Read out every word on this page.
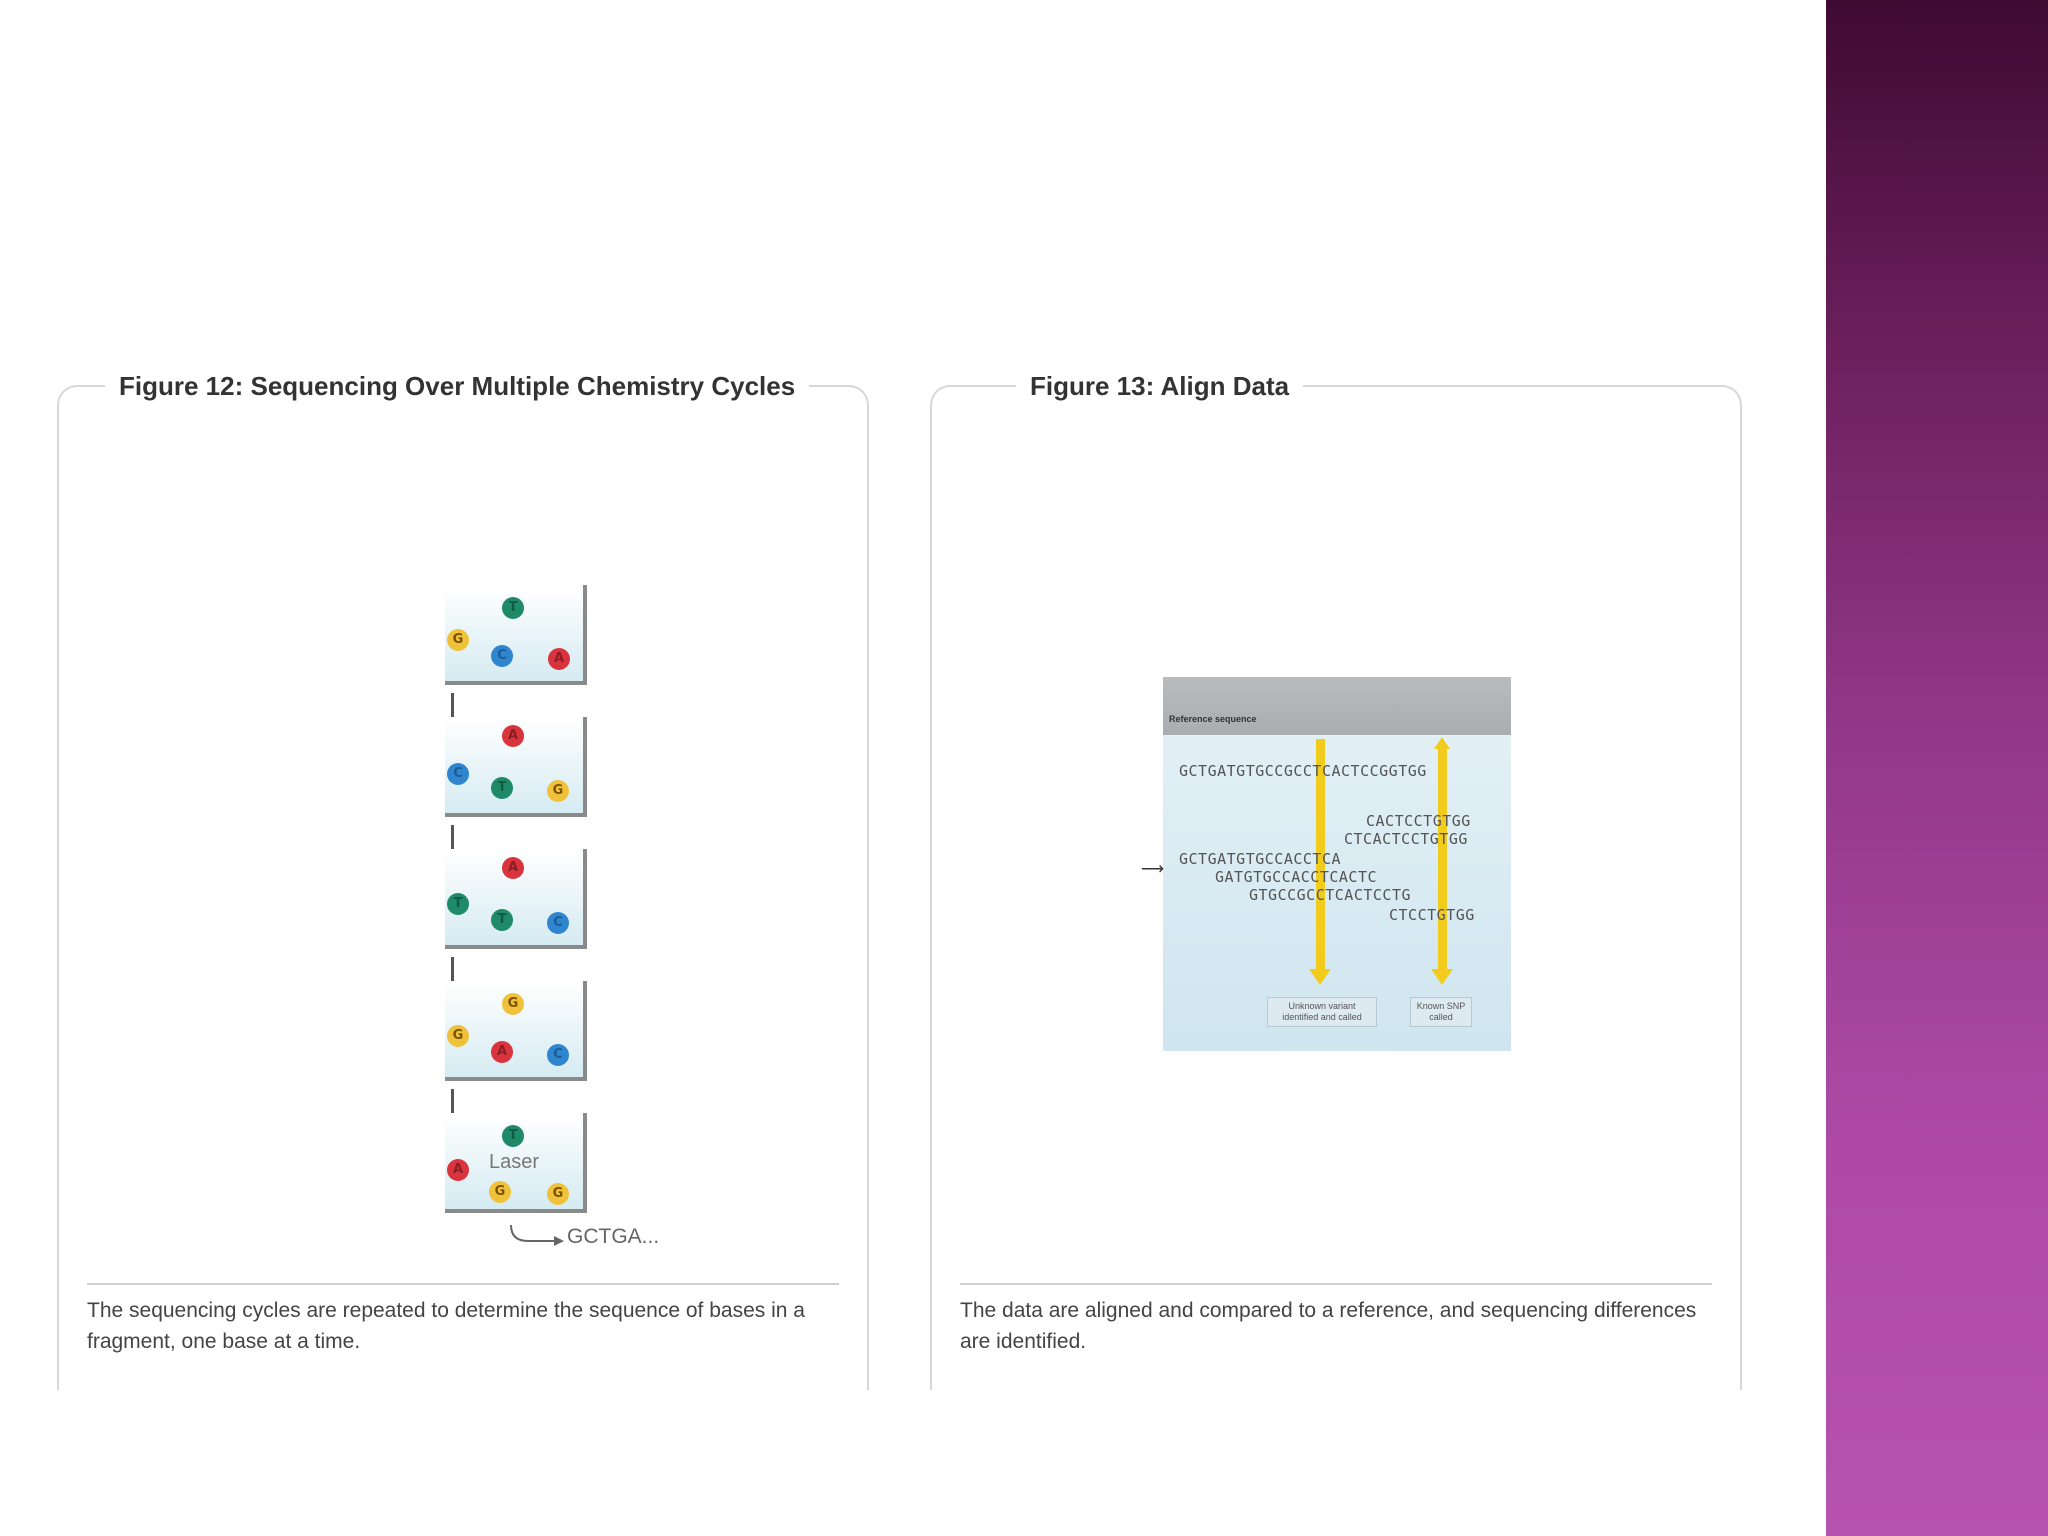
Figure 12: Sequencing Over Multiple Chemistry Cycles
T
G
C	A
A
C
T	G
A
T
T	C
G
G
A	C
T
A
G	G
Laser
GCTGA...
The sequencing cycles are repeated to determine the sequence of bases in a fragment, one base at a time.
Figure 13: Align Data
Reference sequence
GCTGATGTGCCGCCTCACTCCGGTGG
CACTCCTGTGG
CTCACTCCTGTGG
GCTGATGTGCCACCTCA
GATGTGCCACCTCACTC
GTGCCGCCTCACTCCTG
CTCCTGTGG
⟶
Unknown variant identified and called
Known SNP called
The data are aligned and compared to a reference, and sequencing differences are identified.
